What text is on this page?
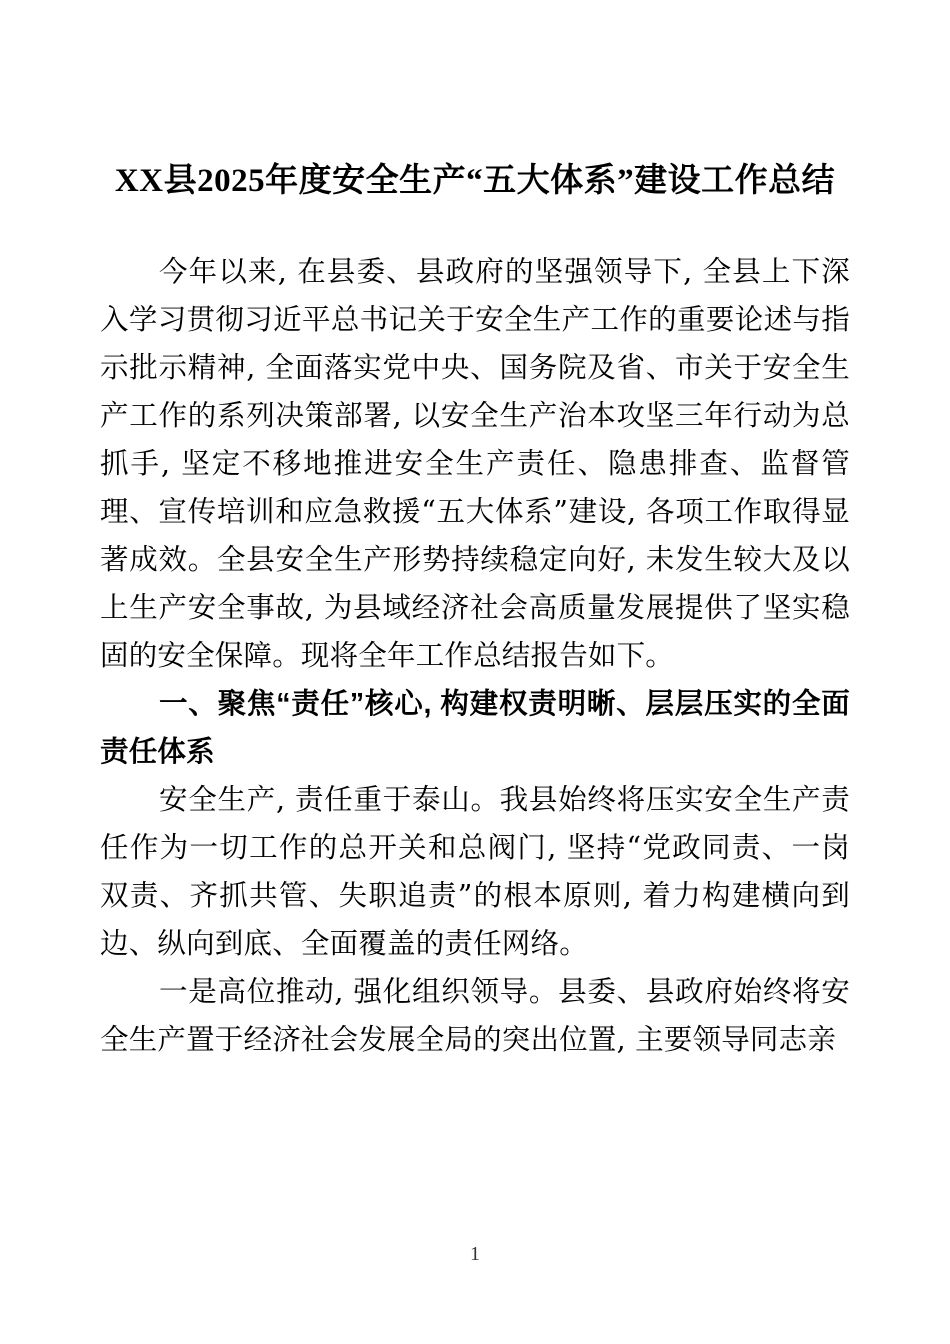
XX县2025年度安全生产“五大体系”建设工作总结

今年以来, 在县委、县政府的坚强领导下, 全县上下深入学习贯彻习近平总书记关于安全生产工作的重要论述与指示批示精神, 全面落实党中央、国务院及省、市关于安全生产工作的系列决策部署, 以安全生产治本攻坚三年行动为总抓手, 坚定不移地推进安全生产责任、隐患排查、监督管理、宣传培训和应急救援“五大体系”建设, 各项工作取得显著成效。全县安全生产形势持续稳定向好, 未发生较大及以上生产安全事故, 为县域经济社会高质量发展提供了坚实稳固的安全保障。现将全年工作总结报告如下。

一、聚焦“责任”核心, 构建权责明晰、层层压实的全面责任体系

安全生产, 责任重于泰山。我县始终将压实安全生产责任作为一切工作的总开关和总阀门, 坚持“党政同责、一岗双责、齐抓共管、失职追责”的根本原则, 着力构建横向到边、纵向到底、全面覆盖的责任网络。

一是高位推动, 强化组织领导。县委、县政府始终将安全生产置于经济社会发展全局的突出位置, 主要领导同志亲

1
